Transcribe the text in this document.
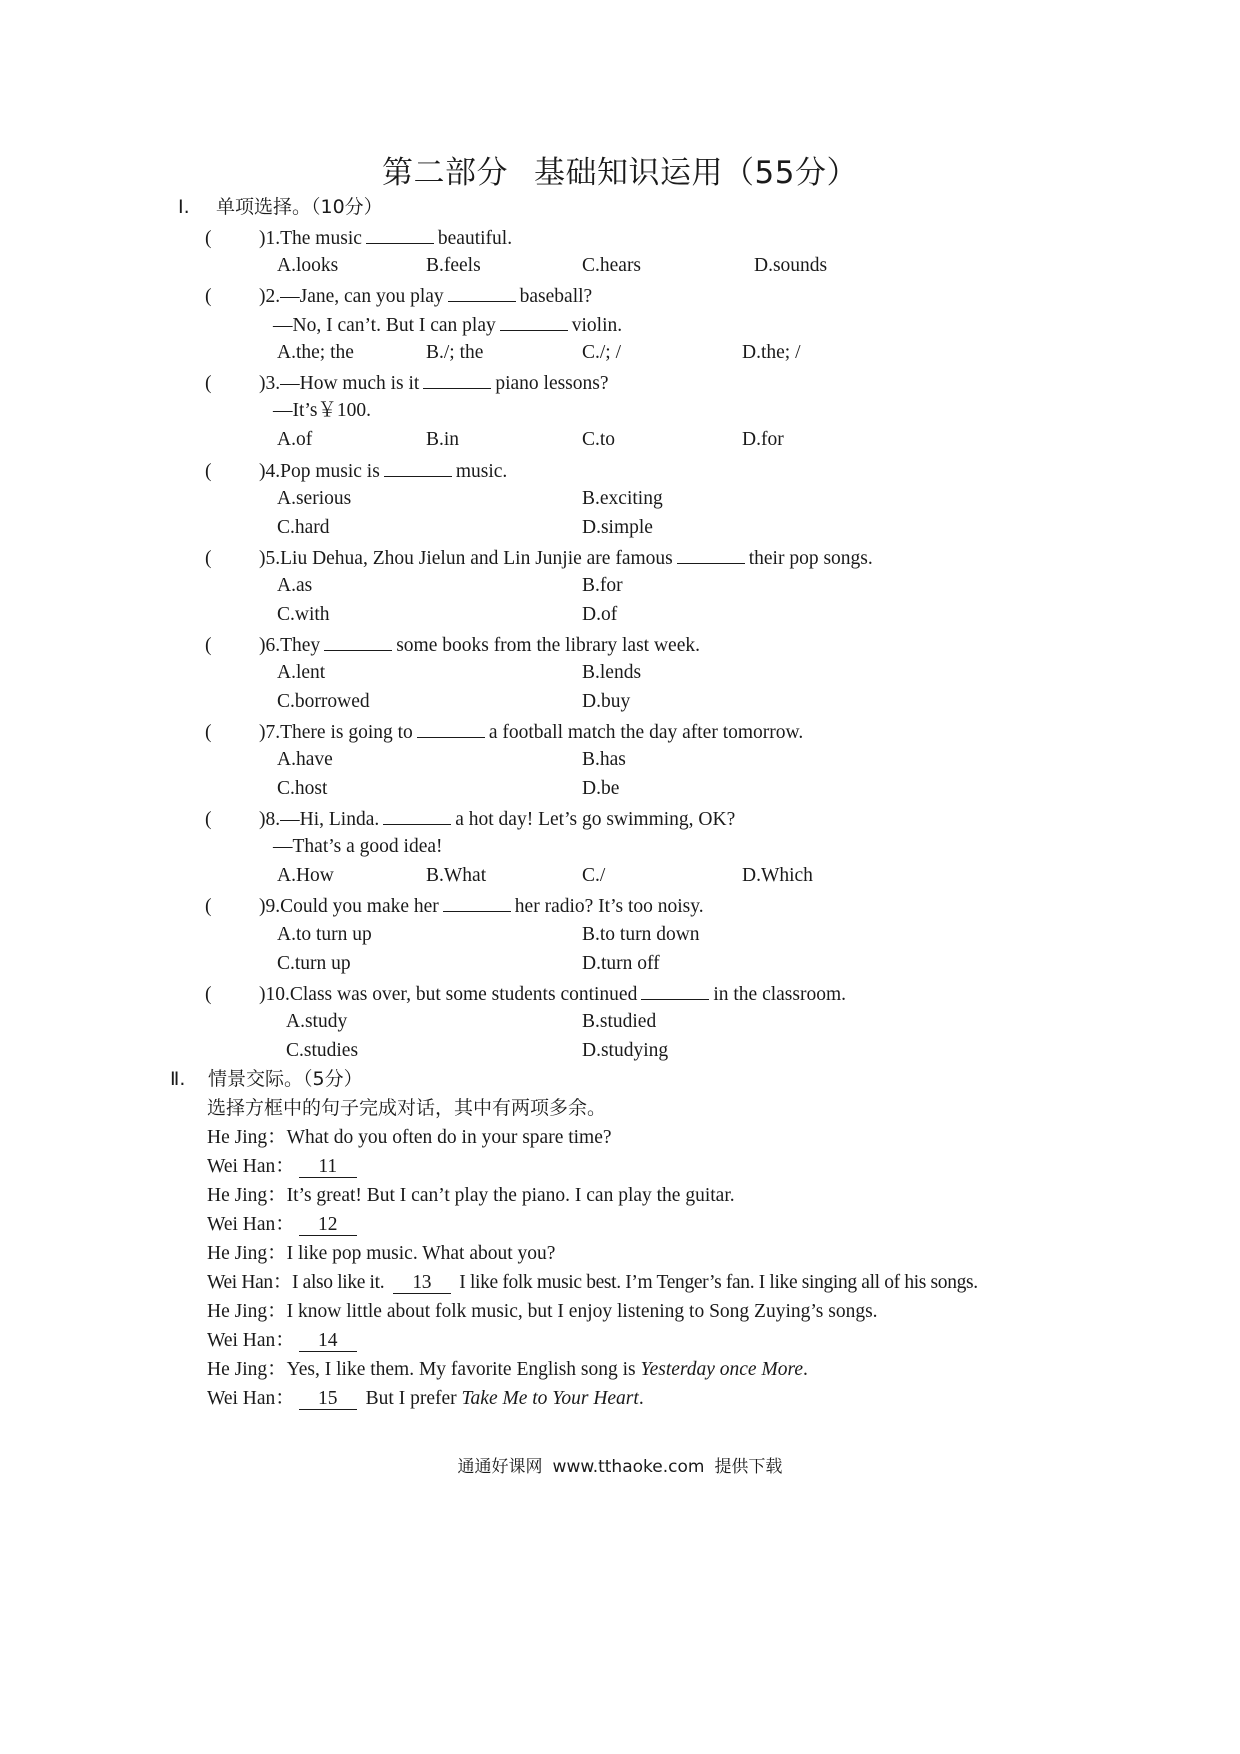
第二部分 基础知识运用（55分）
Ⅰ. 单项选择。（10分）
( )1.The music	beautiful.
A.looks	B.feels	C.hears	D.sounds
( )2.—Jane, can you play	baseball?
—No, I can’t. But I can play	violin.
A.the; the	B./; the	C./; /	D.the; /
( )3.—How much is it	piano lessons?
—It’s￥100.
A.of	B.in	C.to	D.for
( )4.Pop music is	music.
A.serious	B.exciting
C.hard	D.simple
( )5.Liu Dehua, Zhou Jielun and Lin Junjie are famous	their pop songs.
A.as	B.for
C.with	D.of
( )6.They	some books from the library last week.
A.lent	B.lends
C.borrowed	D.buy
( )7.There is going to	a football match the day after tomorrow.
A.have	B.has
C.host	D.be
( )8.—Hi, Linda.	a hot day! Let’s go swimming, OK?
—That’s a good idea!
A.How	B.What	C./	D.Which
( )9.Could you make her	her radio? It’s too noisy.
A.to turn up	B.to turn down
C.turn up	D.turn off
( )10.Class was over, but some students continued	in the classroom.
A.study	B.studied
C.studies	D.studying
Ⅱ. 情景交际。（5分）
选择方框中的句子完成对话，其中有两项多余。
He Jing：What do you often do in your spare time?
Wei Han： 11
He Jing：It’s great! But I can’t play the piano. I can play the guitar.
Wei Han： 12
He Jing：I like pop music. What about you?
Wei Han：I also like it. 13 I like folk music best. I’m Tenger’s fan. I like singing all of his songs.
He Jing：I know little about folk music, but I enjoy listening to Song Zuying’s songs.
Wei Han： 14
He Jing：Yes, I like them. My favorite English song is Yesterday once More.
Wei Han： 15 But I prefer Take Me to Your Heart.
通通好课网 www.tthaoke.com 提供下载
